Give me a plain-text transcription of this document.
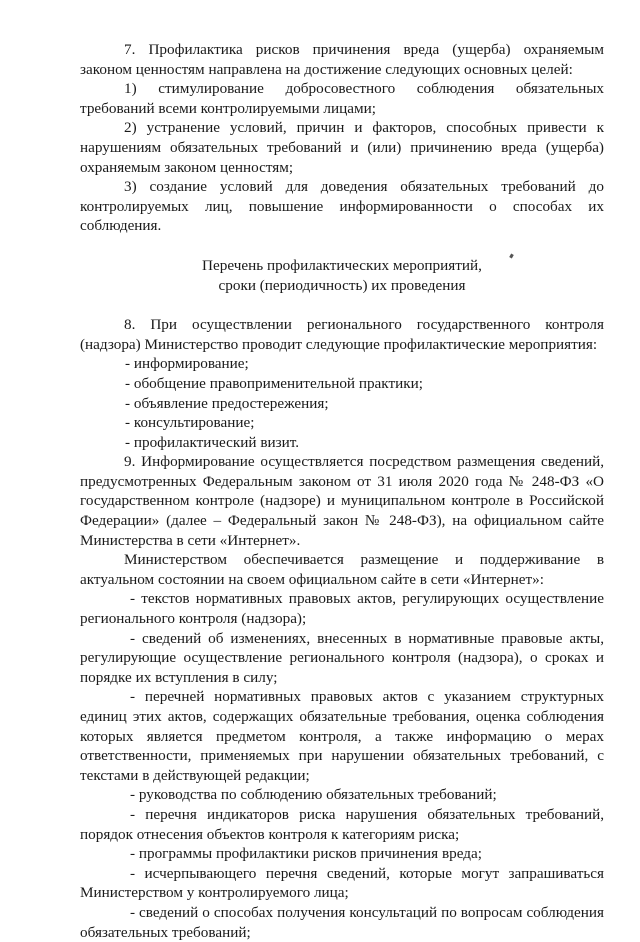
7. Профилактика рисков причинения вреда (ущерба) охраняемым законом ценностям направлена на достижение следующих основных целей:

1) стимулирование добросовестного соблюдения обязательных требований всеми контролируемыми лицами;

2) устранение условий, причин и факторов, способных привести к нарушениям обязательных требований и (или) причинению вреда (ущерба) охраняемым законом ценностям;

3) создание условий для доведения обязательных требований до контролируемых лиц, повышение информированности о способах их соблюдения.

Перечень профилактических мероприятий,

сроки (периодичность) их проведения

8. При осуществлении регионального государственного контроля (надзора) Министерство проводит следующие профилактические мероприятия:

- информирование;

- обобщение правоприменительной практики;

- объявление предостережения;

- консультирование;

- профилактический визит.

9. Информирование осуществляется посредством размещения сведений, предусмотренных Федеральным законом от 31 июля 2020 года № 248-ФЗ «О государственном контроле (надзоре) и муниципальном контроле в Российской Федерации» (далее – Федеральный закон № 248-ФЗ), на официальном сайте Министерства в сети «Интернет».

Министерством обеспечивается размещение и поддерживание в актуальном состоянии на своем официальном сайте в сети «Интернет»:

- текстов нормативных правовых актов, регулирующих осуществление регионального контроля (надзора);

- сведений об изменениях, внесенных в нормативные правовые акты, регулирующие осуществление регионального контроля (надзора), о сроках и порядке их вступления в силу;

- перечней нормативных правовых актов с указанием структурных единиц этих актов, содержащих обязательные требования, оценка соблюдения которых является предметом контроля, а также информацию о мерах ответственности, применяемых при нарушении обязательных требований, с текстами в действующей редакции;

- руководства по соблюдению обязательных требований;

- перечня индикаторов риска нарушения обязательных требований, порядок отнесения объектов контроля к категориям риска;

- программы профилактики рисков причинения вреда;

- исчерпывающего перечня сведений, которые могут запрашиваться Министерством у контролируемого лица;

- сведений о способах получения консультаций по вопросам соблюдения обязательных требований;
